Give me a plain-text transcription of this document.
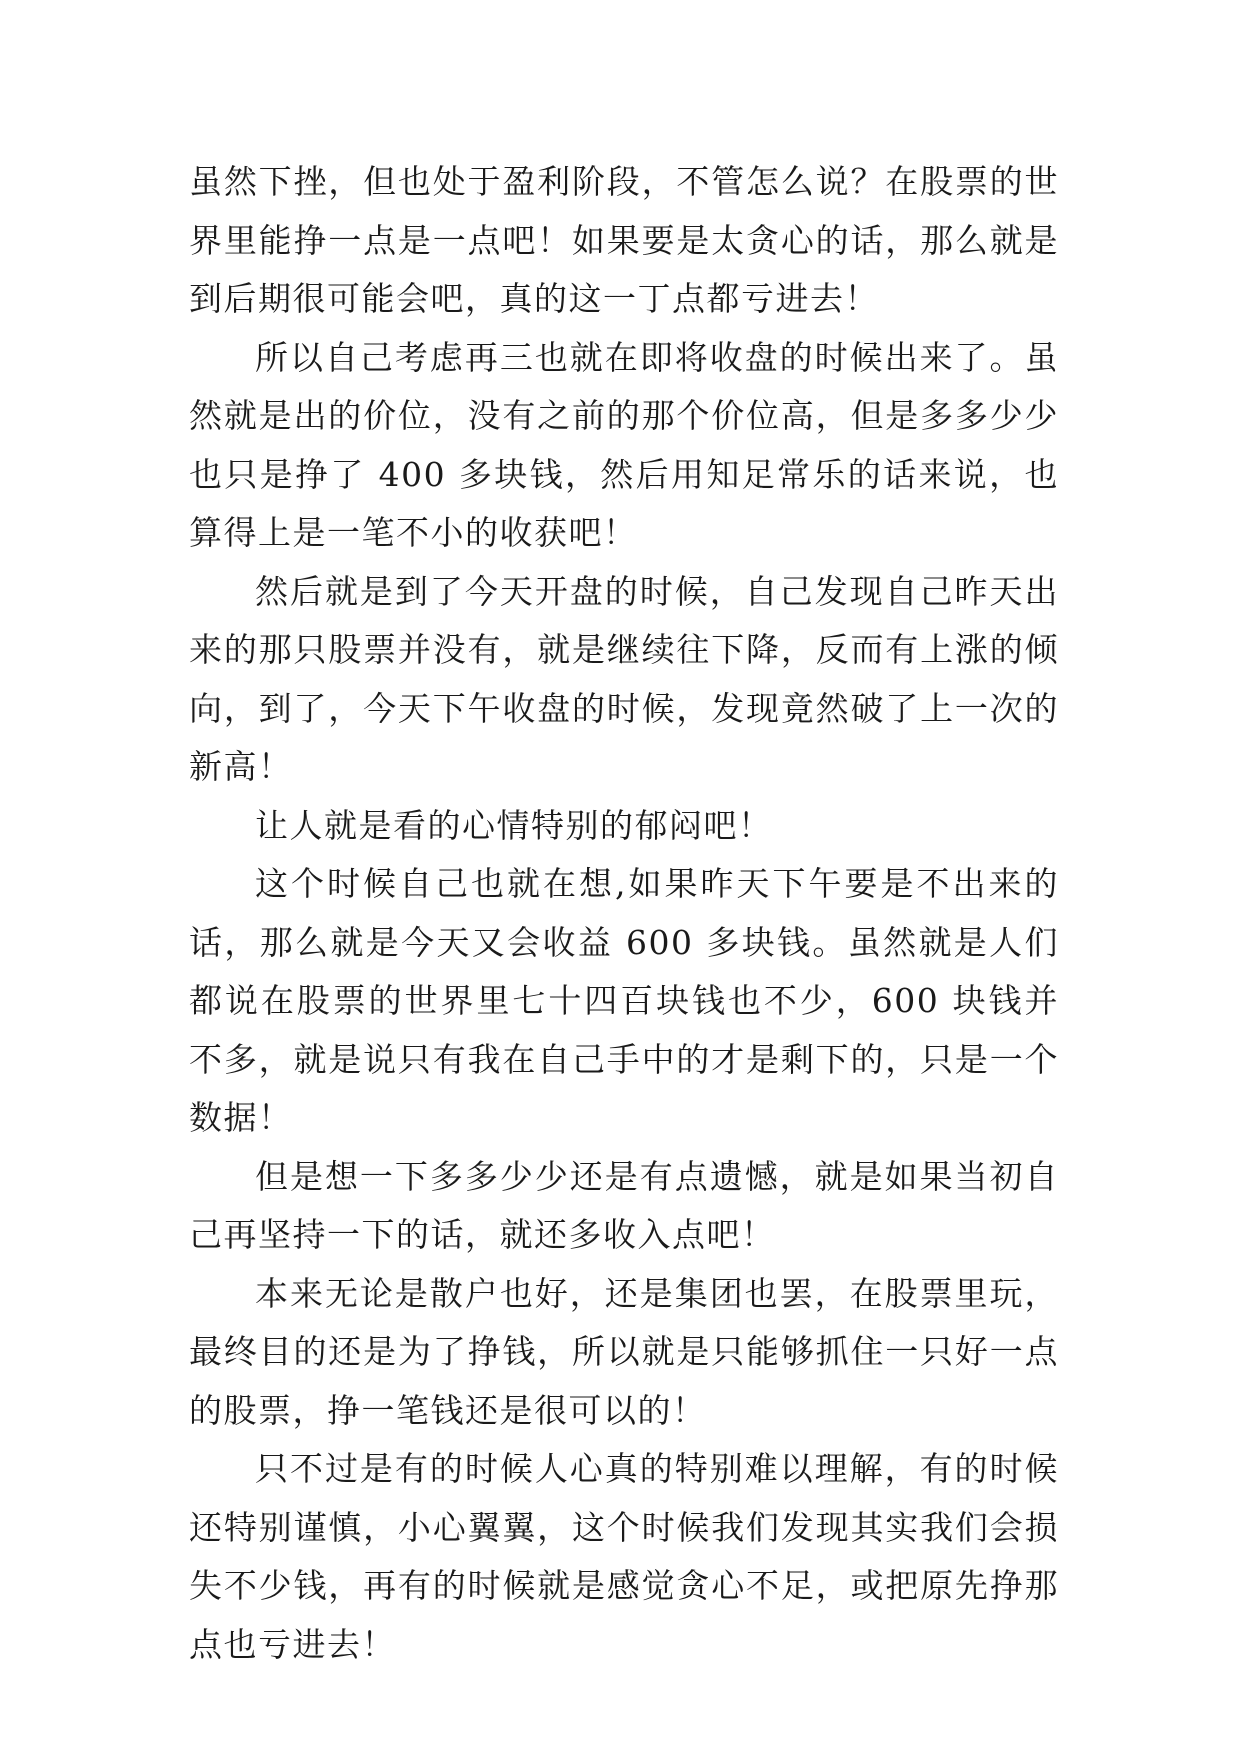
虽然下挫，但也处于盈利阶段，不管怎么说？在股票的世界里能挣一点是一点吧！如果要是太贪心的话，那么就是到后期很可能会吧，真的这一丁点都亏进去！

所以自己考虑再三也就在即将收盘的时候出来了。虽然就是出的价位，没有之前的那个价位高，但是多多少少也只是挣了 400 多块钱，然后用知足常乐的话来说，也算得上是一笔不小的收获吧！

然后就是到了今天开盘的时候，自己发现自己昨天出来的那只股票并没有，就是继续往下降，反而有上涨的倾向，到了，今天下午收盘的时候，发现竟然破了上一次的新高！

让人就是看的心情特别的郁闷吧！

这个时候自己也就在想,如果昨天下午要是不出来的话，那么就是今天又会收益 600 多块钱。虽然就是人们都说在股票的世界里七十四百块钱也不少，600 块钱并不多，就是说只有我在自己手中的才是剩下的，只是一个数据！

但是想一下多多少少还是有点遗憾，就是如果当初自己再坚持一下的话，就还多收入点吧！

本来无论是散户也好，还是集团也罢，在股票里玩，最终目的还是为了挣钱，所以就是只能够抓住一只好一点的股票，挣一笔钱还是很可以的！

只不过是有的时候人心真的特别难以理解，有的时候还特别谨慎，小心翼翼，这个时候我们发现其实我们会损失不少钱，再有的时候就是感觉贪心不足，或把原先挣那点也亏进去！
